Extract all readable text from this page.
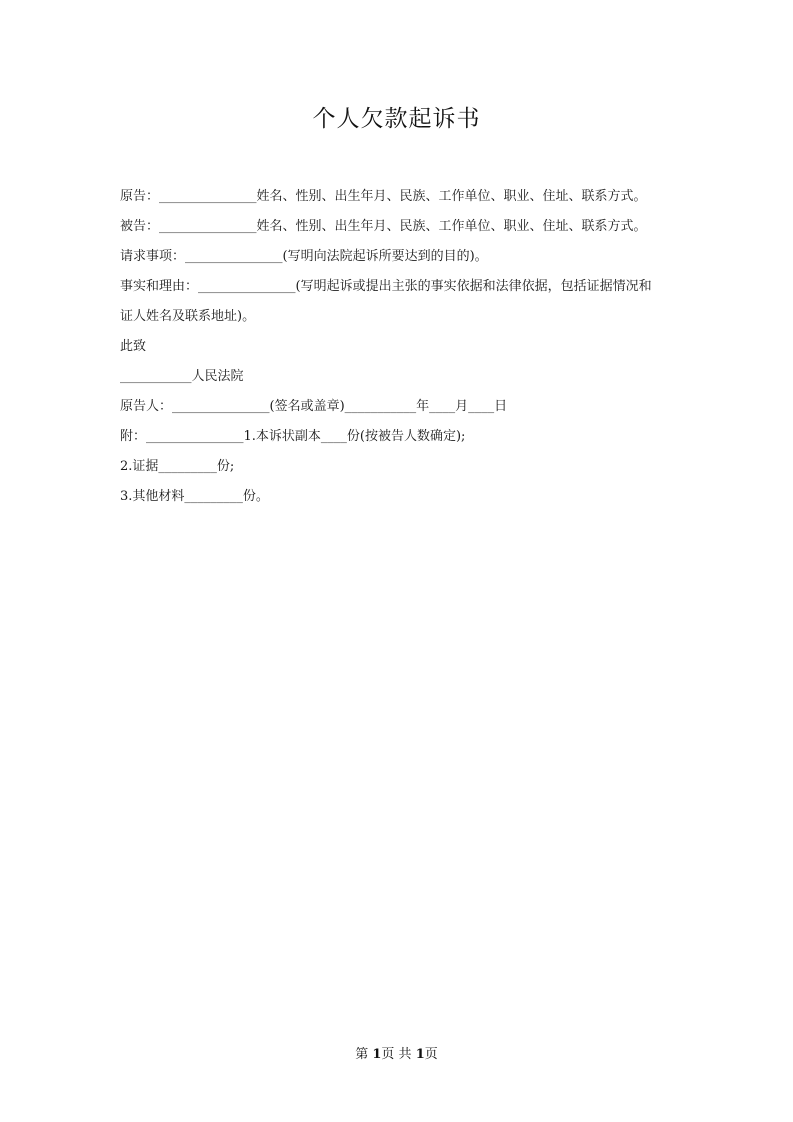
个人欠款起诉书
原告：_______________姓名、性别、出生年月、民族、工作单位、职业、住址、联系方式。
被告：_______________姓名、性别、出生年月、民族、工作单位、职业、住址、联系方式。
请求事项：_______________(写明向法院起诉所要达到的目的)。
事实和理由：_______________(写明起诉或提出主张的事实依据和法律依据，包括证据情况和
证人姓名及联系地址)。
此致
___________人民法院
原告人：_______________(签名或盖章)___________年____月____日
附：_______________1.本诉状副本____份(按被告人数确定);
2.证据_________份;
3.其他材料_________份。
第 1页 共 1页
